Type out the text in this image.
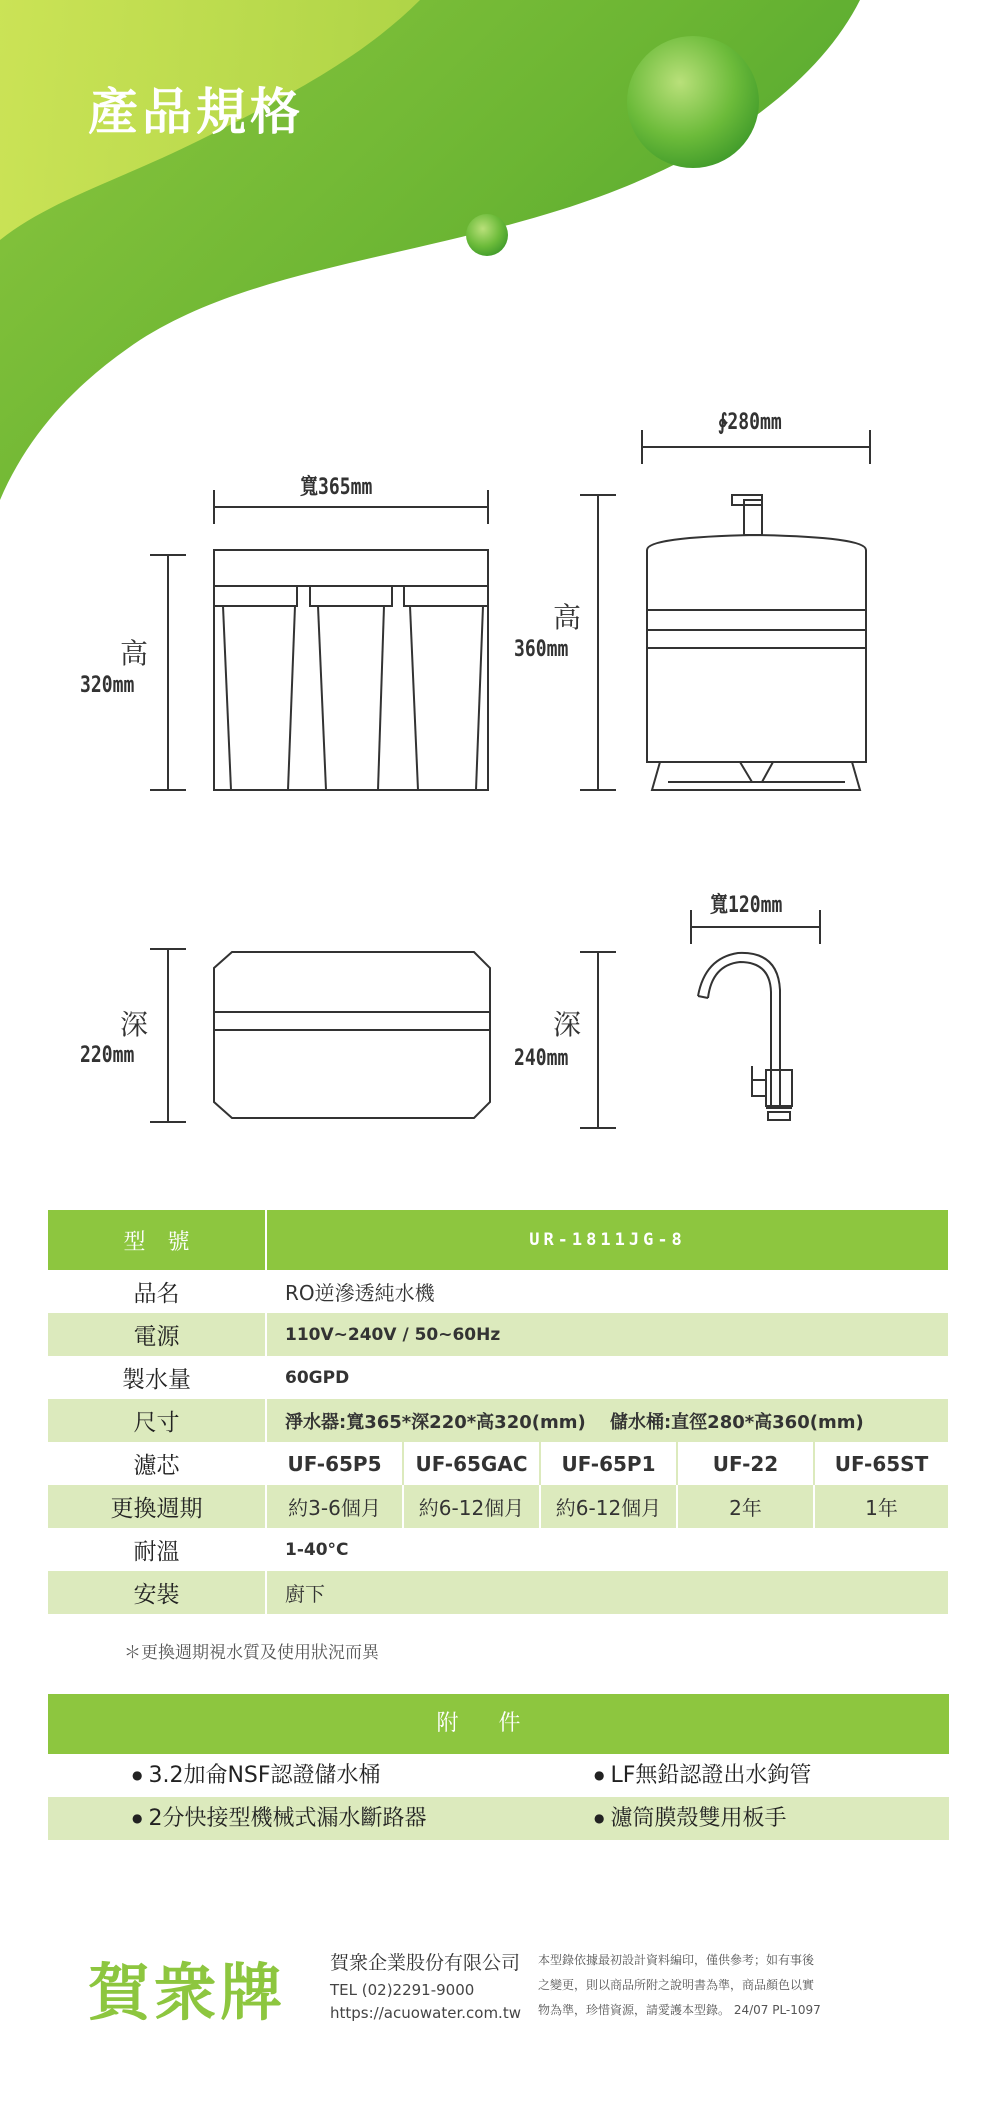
產品規格
寬365mm
高
320mm
∲280mm
高
360mm
深
220mm
深
240mm
寬120mm
型　號	UR-1811JG-8				
品名	RO逆滲透純水機				
電源	110V~240V / 50~60Hz				
製水量	60GPD				
尺寸	淨水器:寬365*深220*高320(mm)　 儲水桶:直徑280*高360(mm)				
濾芯	UF-65P5	UF-65GAC	UF-65P1	UF-22	UF-65ST
更換週期	約3-6個月	約6-12個月	約6-12個月	2年	1年
耐溫	1-40°C				
安裝	廚下				
＊更換週期視水質及使用狀況而異
附件
● 3.2加侖NSF認證儲水桶	● LF無鉛認證出水鉤管
● 2分快接型機械式漏水斷路器	● 濾筒膜殼雙用板手
賀衆牌 賀衆企業股份有限公司
TEL (02)2291-9000
https://acuowater.com.tw
本型錄依據最初設計資料編印，僅供參考；如有事後
之變更，則以商品所附之說明書為準，商品顏色以實
物為準，珍惜資源，請愛護本型錄。 24/07 PL-1097
